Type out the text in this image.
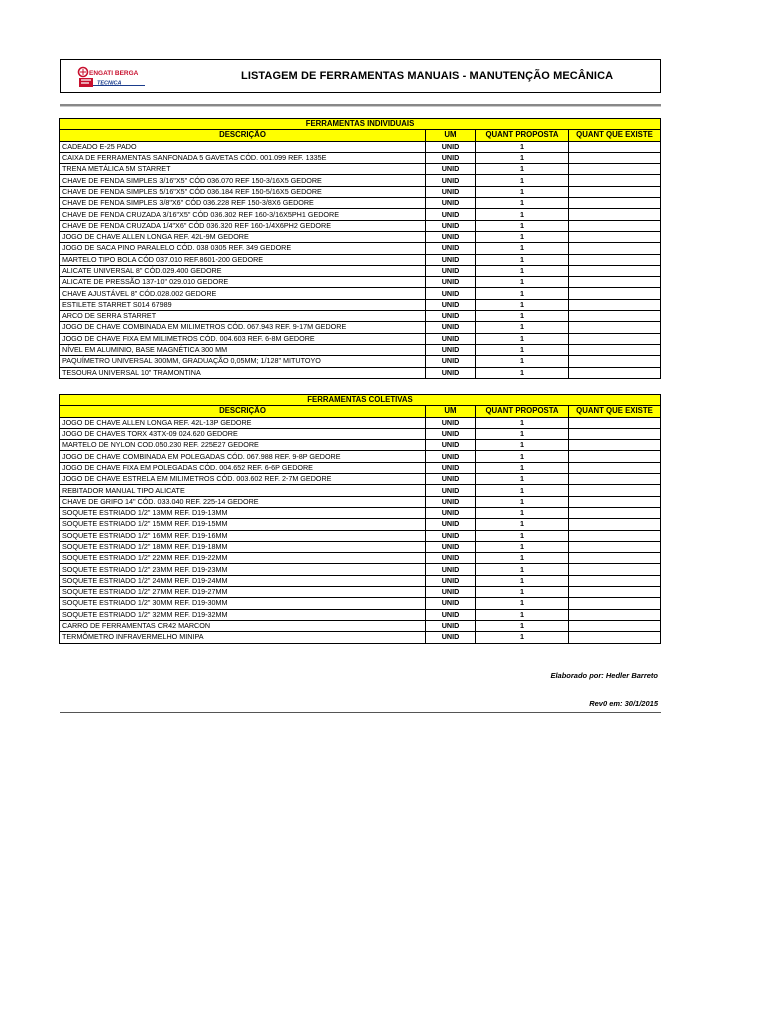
ENGATI BERGA
TECNICA
LISTAGEM DE FERRAMENTAS MANUAIS - MANUTENÇÃO MECÂNICA
FERRAMENTAS INDIVIDUAIS			
DESCRIÇÃO	UM	QUANT PROPOSTA	QUANT QUE EXISTE
CADEADO E-25 PADO	UNID	1	
CAIXA DE FERRAMENTAS SANFONADA 5 GAVETAS CÓD. 001.099 REF. 1335E	UNID	1	
TRENA METÁLICA 5M STARRET	UNID	1	
CHAVE DE FENDA SIMPLES 3/16"X5" CÓD 036.070 REF 150-3/16X5 GEDORE	UNID	1	
CHAVE DE FENDA SIMPLES 5/16"X5" CÓD 036.184 REF 150-5/16X5 GEDORE	UNID	1	
CHAVE DE FENDA SIMPLES 3/8"X6" CÓD 036.228 REF 150-3/8X6 GEDORE	UNID	1	
CHAVE DE FENDA CRUZADA 3/16"X5" CÓD 036.302 REF 160-3/16X5PH1 GEDORE	UNID	1	
CHAVE DE FENDA CRUZADA 1/4"X6" CÓD 036.320 REF 160-1/4X6PH2 GEDORE	UNID	1	
JOGO DE CHAVE ALLEN LONGA REF. 42L-9M GEDORE	UNID	1	
JOGO DE SACA PINO PARALELO CÓD. 038 0305 REF. 349 GEDORE	UNID	1	
MARTELO TIPO BOLA CÓD 037.010 REF.8601-200 GEDORE	UNID	1	
ALICATE UNIVERSAL 8" CÓD.029.400 GEDORE	UNID	1	
ALICATE DE PRESSÃO 137-10" 029.010 GEDORE	UNID	1	
CHAVE AJUSTÁVEL 8" CÓD.028.002 GEDORE	UNID	1	
ESTILETE STARRET S014 67989	UNID	1	
ARCO DE SERRA STARRET	UNID	1	
JOGO DE CHAVE COMBINADA EM MILIMETROS CÓD. 067.943 REF. 9-17M GEDORE	UNID	1	
JOGO DE CHAVE FIXA EM MILIMETROS CÓD. 004.603 REF. 6-8M GEDORE	UNID	1	
NÍVEL EM ALUMINIO, BASE MAGNÉTICA 300 MM	UNID	1	
PAQUÍMETRO UNIVERSAL 300MM, GRADUAÇÃO 0,05MM; 1/128" MITUTOYO	UNID	1	
TESOURA UNIVERSAL 10" TRAMONTINA	UNID	1	
FERRAMENTAS COLETIVAS			
DESCRIÇÃO	UM	QUANT PROPOSTA	QUANT QUE EXISTE
JOGO DE CHAVE ALLEN LONGA REF. 42L-13P GEDORE	UNID	1	
JOGO DE CHAVES TORX 43TX-09 024.620 GEDORE	UNID	1	
MARTELO DE NYLON COD.050.230 REF. 225E27 GEDORE	UNID	1	
JOGO DE CHAVE COMBINADA EM POLEGADAS CÓD. 067.988 REF. 9-8P GEDORE	UNID	1	
JOGO DE CHAVE FIXA EM POLEGADAS CÓD. 004.652 REF. 6-6P GEDORE	UNID	1	
JOGO DE CHAVE ESTRELA EM MILIMETROS CÓD. 003.602 REF. 2-7M GEDORE	UNID	1	
REBITADOR MANUAL TIPO ALICATE	UNID	1	
CHAVE DE GRIFO 14" CÓD. 033.040 REF. 225-14 GEDORE	UNID	1	
SOQUETE ESTRIADO 1/2" 13MM REF. D19-13MM	UNID	1	
SOQUETE ESTRIADO 1/2" 15MM REF. D19-15MM	UNID	1	
SOQUETE ESTRIADO 1/2" 16MM REF. D19-16MM	UNID	1	
SOQUETE ESTRIADO 1/2" 18MM REF. D19-18MM	UNID	1	
SOQUETE ESTRIADO 1/2" 22MM REF. D19-22MM	UNID	1	
SOQUETE ESTRIADO 1/2" 23MM REF. D19-23MM	UNID	1	
SOQUETE ESTRIADO 1/2" 24MM REF. D19-24MM	UNID	1	
SOQUETE ESTRIADO 1/2" 27MM REF. D19-27MM	UNID	1	
SOQUETE ESTRIADO 1/2" 30MM REF. D19-30MM	UNID	1	
SOQUETE ESTRIADO 1/2" 32MM REF. D19-32MM	UNID	1	
CARRO DE FERRAMENTAS CR42 MARCON	UNID	1	
TERMÔMETRO INFRAVERMELHO MINIPA	UNID	1	
Elaborado por: Hedler Barreto
Rev0 em: 30/1/2015
